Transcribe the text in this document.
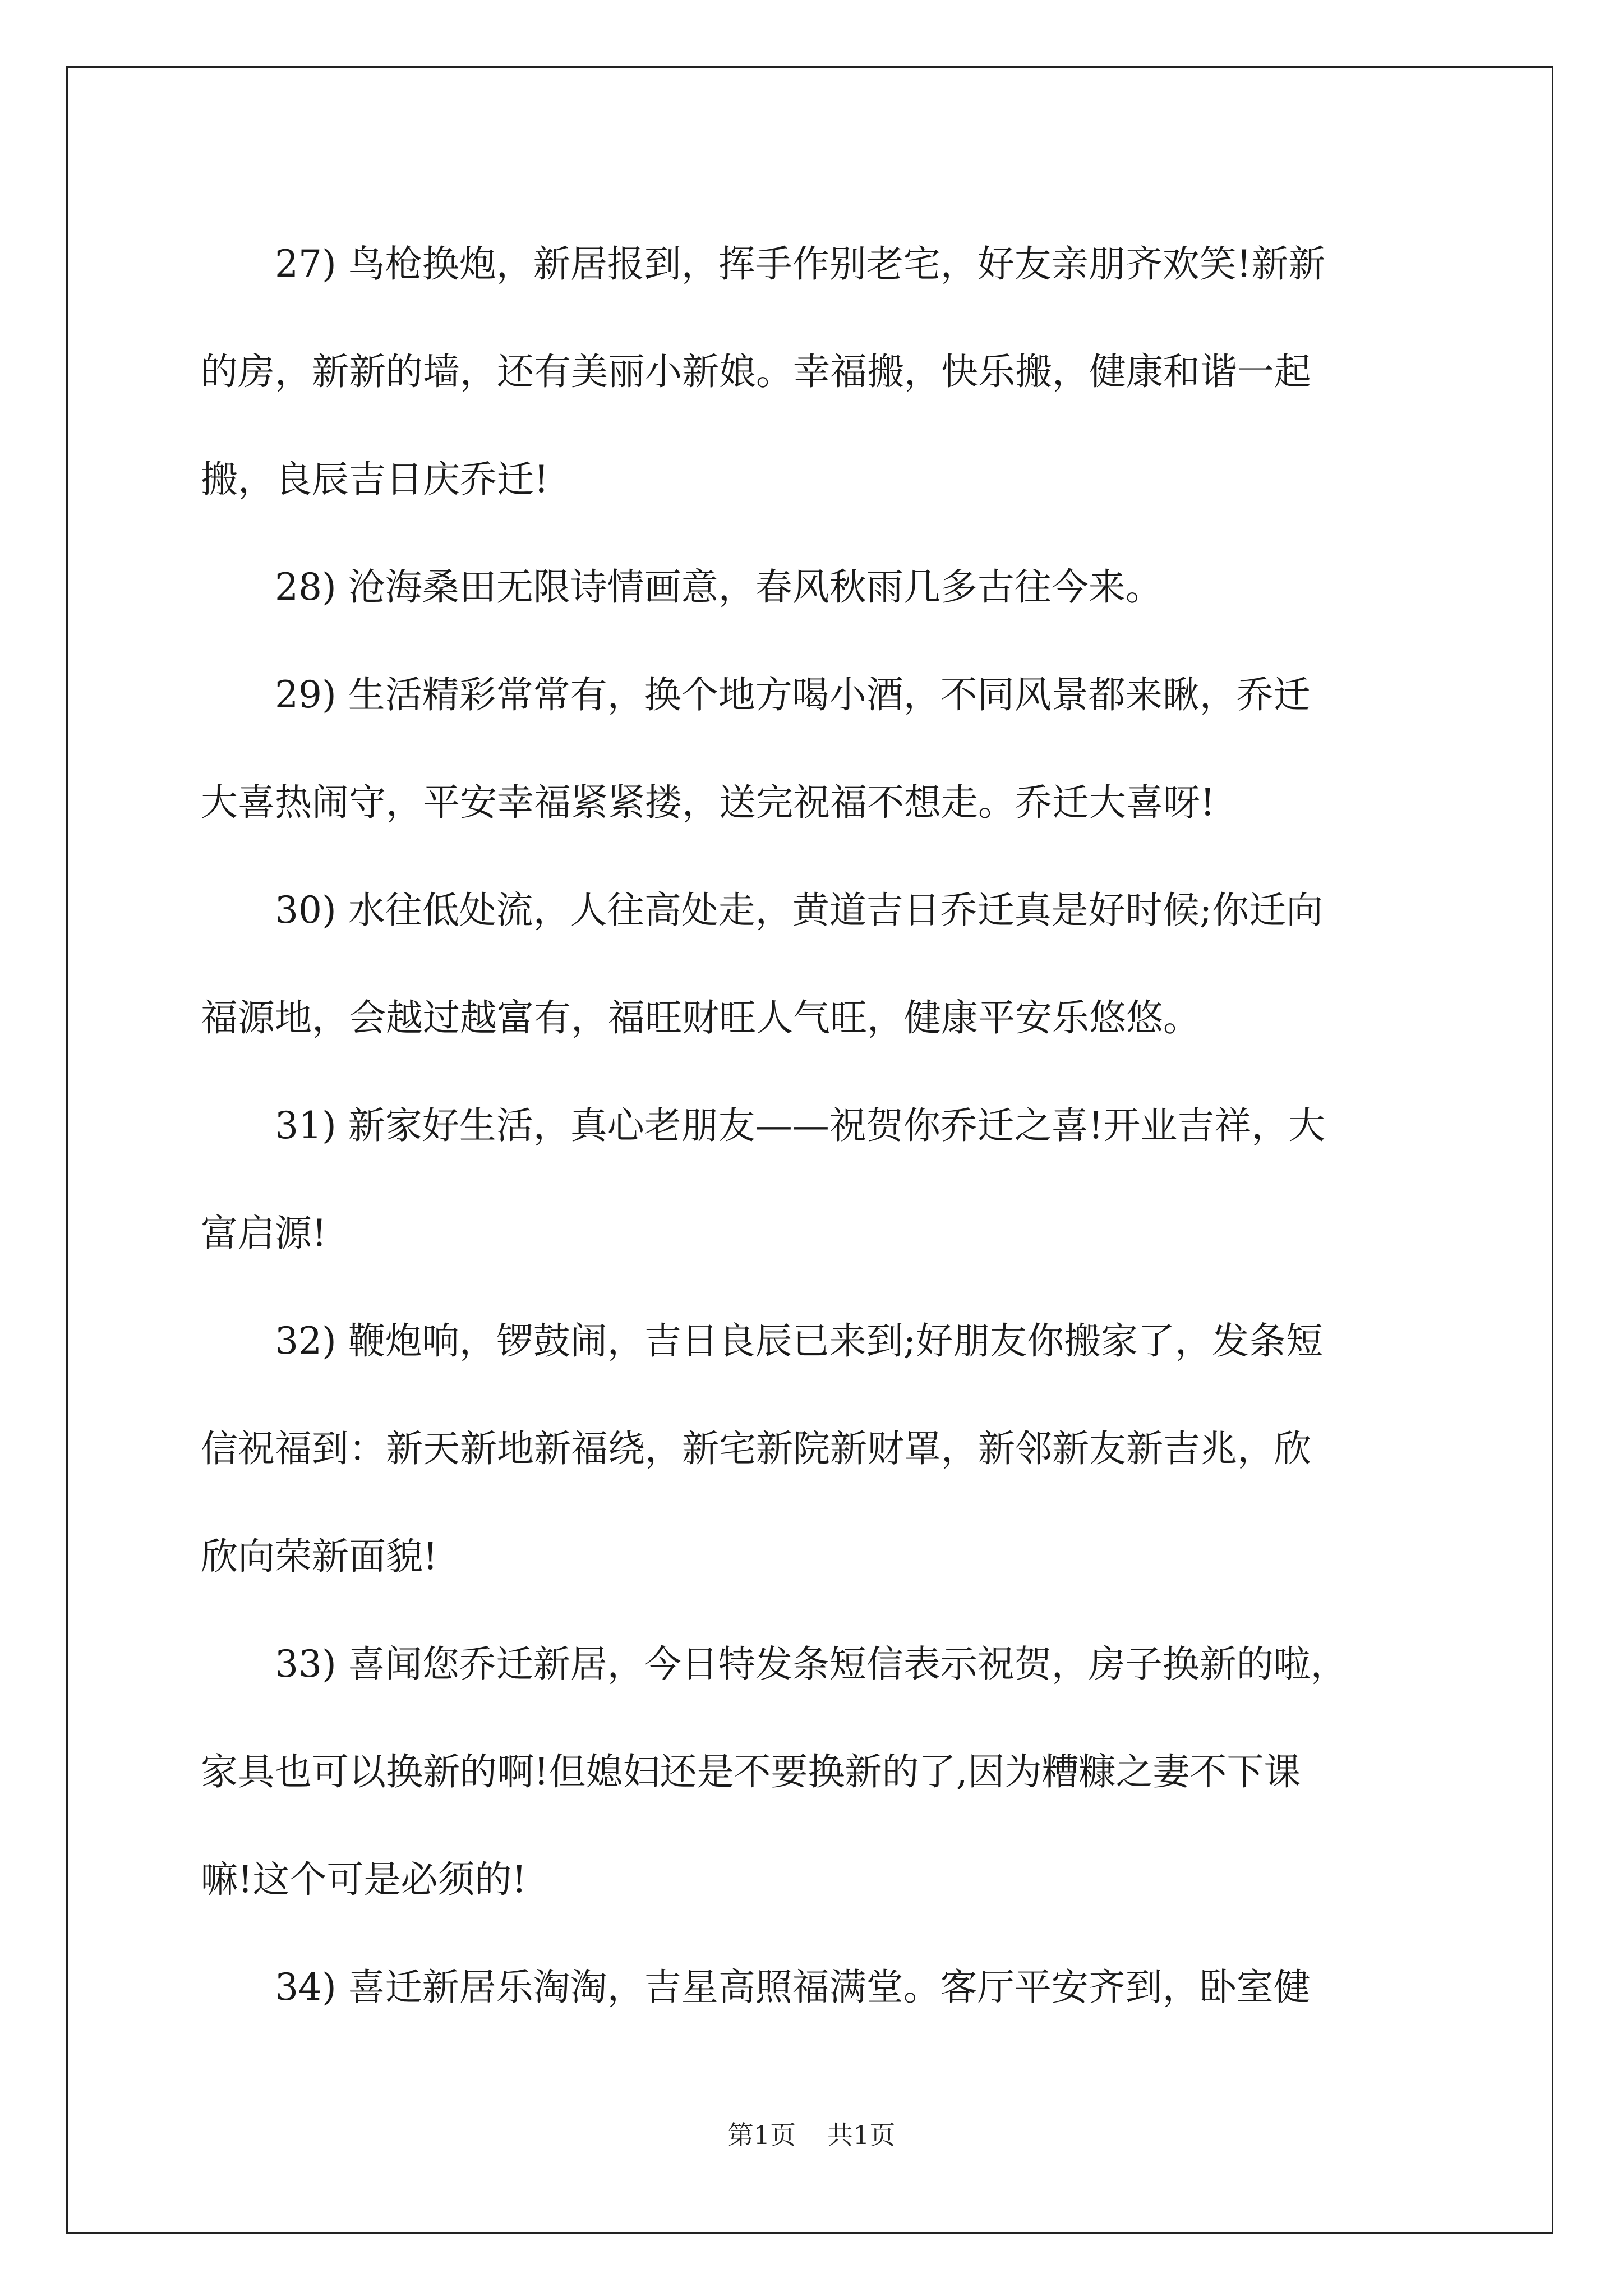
27) 鸟枪换炮，新居报到，挥手作别老宅，好友亲朋齐欢笑!新新
的房，新新的墙，还有美丽小新娘。幸福搬，快乐搬，健康和谐一起
搬，良辰吉日庆乔迁!

28) 沧海桑田无限诗情画意，春风秋雨几多古往今来。

29) 生活精彩常常有，换个地方喝小酒，不同风景都来瞅，乔迁
大喜热闹守，平安幸福紧紧搂，送完祝福不想走。乔迁大喜呀!

30) 水往低处流，人往高处走，黄道吉日乔迁真是好时候;你迁向
福源地，会越过越富有，福旺财旺人气旺，健康平安乐悠悠。

31) 新家好生活，真心老朋友——祝贺你乔迁之喜!开业吉祥，大
富启源!

32) 鞭炮响，锣鼓闹，吉日良辰已来到;好朋友你搬家了，发条短
信祝福到：新天新地新福绕，新宅新院新财罩，新邻新友新吉兆，欣
欣向荣新面貌!

33) 喜闻您乔迁新居，今日特发条短信表示祝贺，房子换新的啦，
家具也可以换新的啊!但媳妇还是不要换新的了,因为糟糠之妻不下课
嘛!这个可是必须的!

34) 喜迁新居乐淘淘，吉星高照福满堂。客厅平安齐到，卧室健

第1页 共1页
